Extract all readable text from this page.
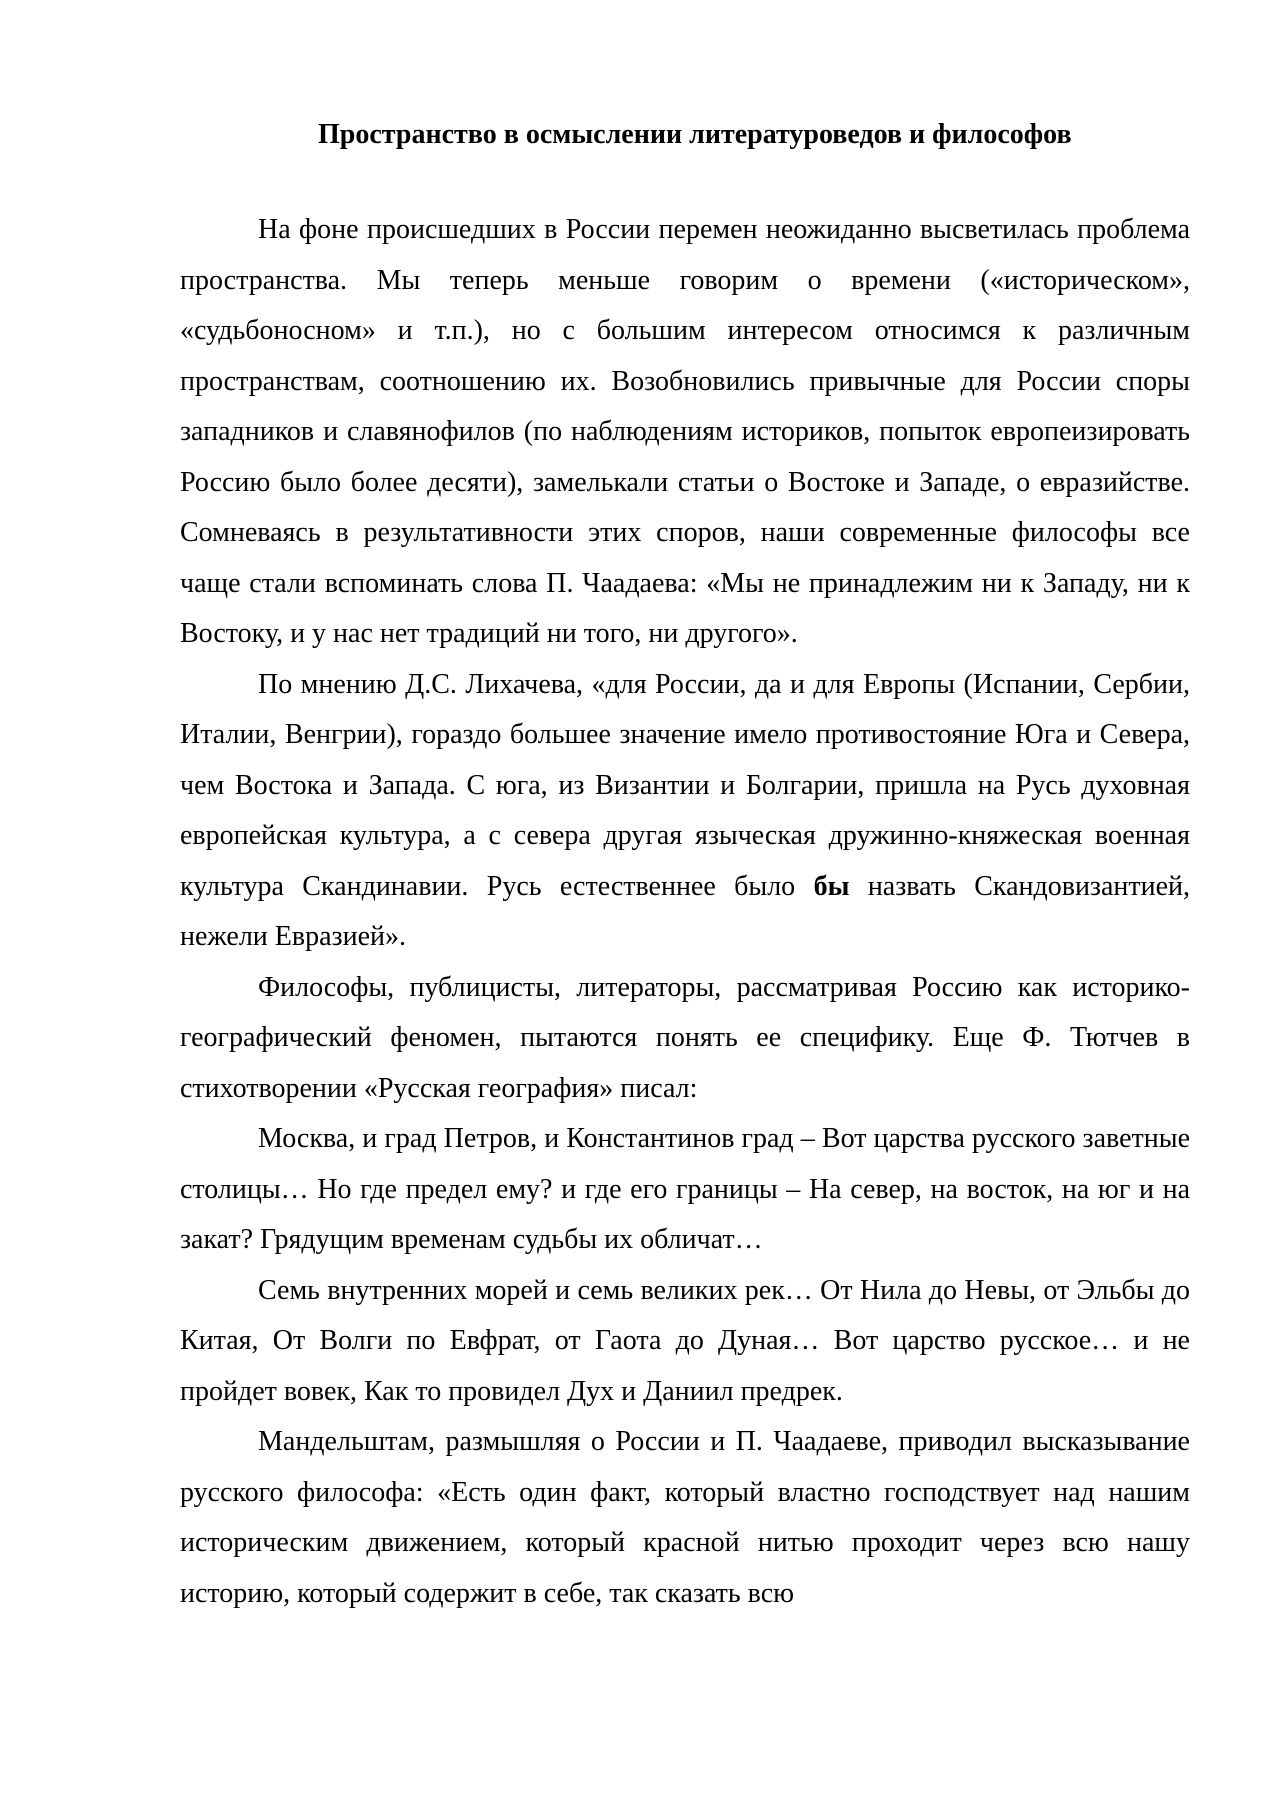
Пространство в осмыслении литературоведов и философов

На фоне происшедших в России перемен неожиданно высветилась проблема пространства. Мы теперь меньше говорим о времени («историческом», «судьбоносном» и т.п.), но с большим интересом относимся к различным пространствам, соотношению их. Возобновились привычные для России споры западников и славянофилов (по наблюдениям историков, попыток европеизировать Россию было более десяти), замелькали статьи о Востоке и Западе, о евразийстве. Сомневаясь в результативности этих споров, наши современные философы все чаще стали вспоминать слова П. Чаадаева: «Мы не принадлежим ни к Западу, ни к Востоку, и у нас нет традиций ни того, ни другого».

По мнению Д.С. Лихачева, «для России, да и для Европы (Испании, Сербии, Италии, Венгрии), гораздо большее значение имело противостояние Юга и Севера, чем Востока и Запада. С юга, из Византии и Болгарии, пришла на Русь духовная европейская культура, а с севера другая языческая дружинно-княжеская военная культура Скандинавии. Русь естественнее было бы назвать Скандовизантией, нежели Евразией».

Философы, публицисты, литераторы, рассматривая Россию как историко-географический феномен, пытаются понять ее специфику. Еще Ф. Тютчев в стихотворении «Русская география» писал:

Москва, и град Петров, и Константинов град – Вот царства русского заветные столицы… Но где предел ему? и где его границы – На север, на восток, на юг и на закат? Грядущим временам судьбы их обличат…

Семь внутренних морей и семь великих рек… От Нила до Невы, от Эльбы до Китая, От Волги по Евфрат, от Гаота до Дуная… Вот царство русское… и не пройдет вовек, Как то провидел Дух и Даниил предрек.

Мандельштам, размышляя о России и П. Чаадаеве, приводил высказывание русского философа: «Есть один факт, который властно господствует над нашим историческим движением, который красной нитью проходит через всю нашу историю, который содержит в себе, так сказать всю
